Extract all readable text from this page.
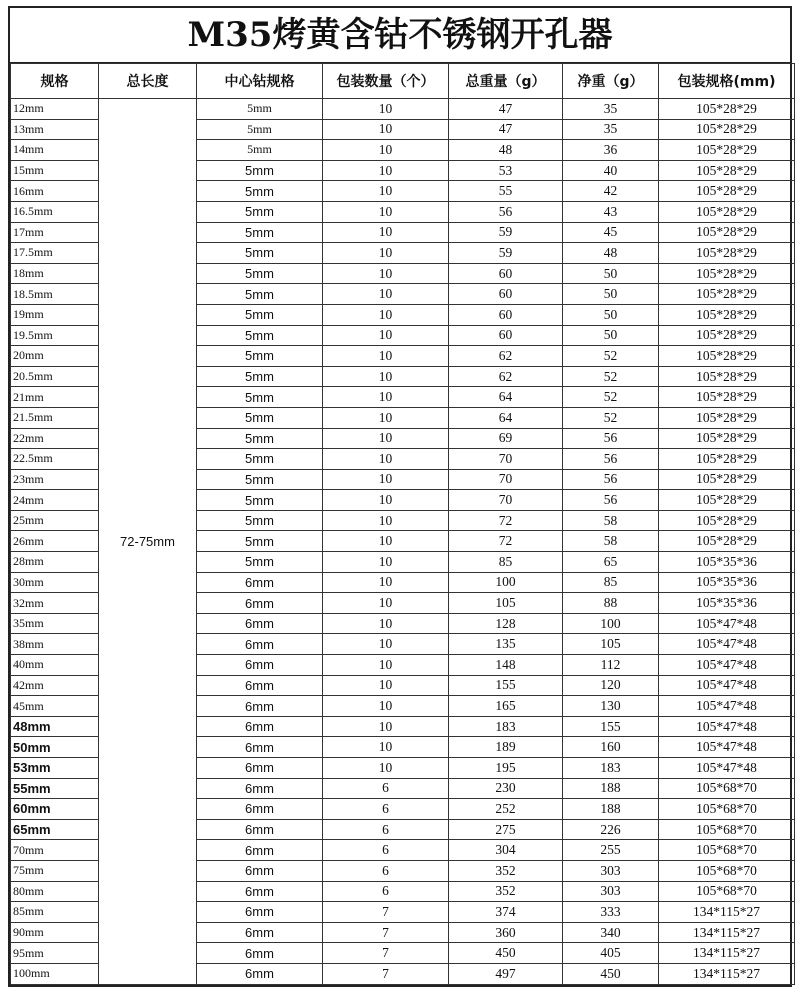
M35烤黄含钴不锈钢开孔器
规格	总长度	中心钻规格	包装数量（个）	总重量（g）	净重（g）	包装规格(mm)
12mm	72-75mm	5mm	10	47	35	105*28*29
13mm		5mm	10	47	35	105*28*29
14mm		5mm	10	48	36	105*28*29
15mm		5mm	10	53	40	105*28*29
16mm		5mm	10	55	42	105*28*29
16.5mm		5mm	10	56	43	105*28*29
17mm		5mm	10	59	45	105*28*29
17.5mm		5mm	10	59	48	105*28*29
18mm		5mm	10	60	50	105*28*29
18.5mm		5mm	10	60	50	105*28*29
19mm		5mm	10	60	50	105*28*29
19.5mm		5mm	10	60	50	105*28*29
20mm		5mm	10	62	52	105*28*29
20.5mm		5mm	10	62	52	105*28*29
21mm		5mm	10	64	52	105*28*29
21.5mm		5mm	10	64	52	105*28*29
22mm		5mm	10	69	56	105*28*29
22.5mm		5mm	10	70	56	105*28*29
23mm		5mm	10	70	56	105*28*29
24mm		5mm	10	70	56	105*28*29
25mm		5mm	10	72	58	105*28*29
26mm		5mm	10	72	58	105*28*29
28mm		5mm	10	85	65	105*35*36
30mm		6mm	10	100	85	105*35*36
32mm		6mm	10	105	88	105*35*36
35mm		6mm	10	128	100	105*47*48
38mm		6mm	10	135	105	105*47*48
40mm		6mm	10	148	112	105*47*48
42mm		6mm	10	155	120	105*47*48
45mm		6mm	10	165	130	105*47*48
48mm		6mm	10	183	155	105*47*48
50mm		6mm	10	189	160	105*47*48
53mm		6mm	10	195	183	105*47*48
55mm		6mm	6	230	188	105*68*70
60mm		6mm	6	252	188	105*68*70
65mm		6mm	6	275	226	105*68*70
70mm		6mm	6	304	255	105*68*70
75mm		6mm	6	352	303	105*68*70
80mm		6mm	6	352	303	105*68*70
85mm		6mm	7	374	333	134*115*27
90mm		6mm	7	360	340	134*115*27
95mm		6mm	7	450	405	134*115*27
100mm		6mm	7	497	450	134*115*27
